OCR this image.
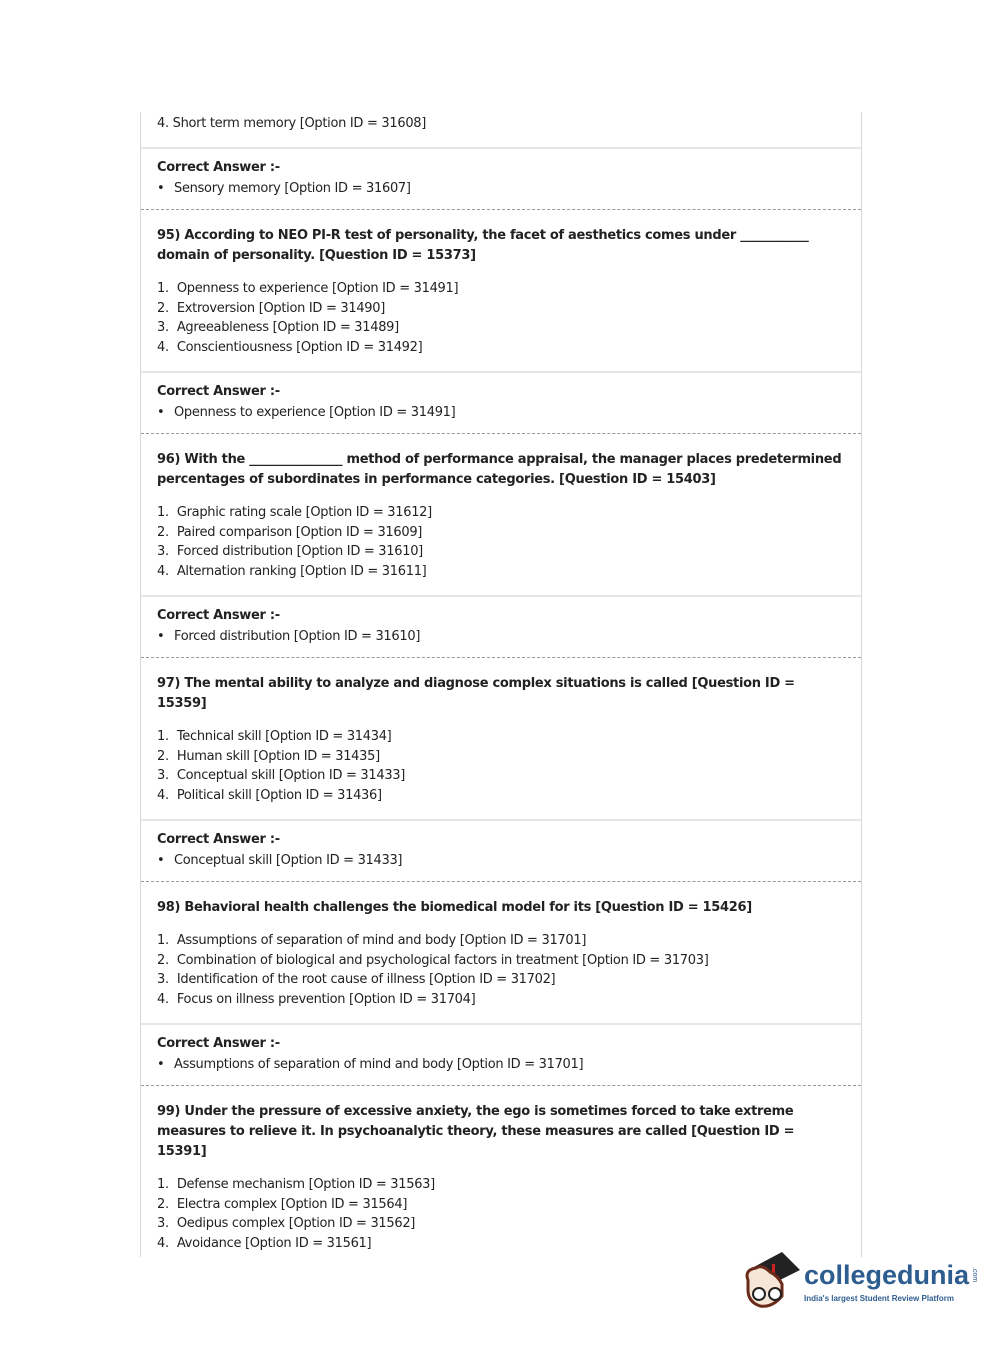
4. Short term memory [Option ID = 31608]
Correct Answer :-
• Sensory memory [Option ID = 31607]
95) According to NEO PI-R test of personality, the facet of aesthetics comes under ___________ domain of personality. [Question ID = 15373]
1. Openness to experience [Option ID = 31491]
2. Extroversion [Option ID = 31490]
3. Agreeableness [Option ID = 31489]
4. Conscientiousness [Option ID = 31492]
Correct Answer :-
• Openness to experience [Option ID = 31491]
96) With the _______________ method of performance appraisal, the manager places predetermined percentages of subordinates in performance categories. [Question ID = 15403]
1. Graphic rating scale [Option ID = 31612]
2. Paired comparison [Option ID = 31609]
3. Forced distribution [Option ID = 31610]
4. Alternation ranking [Option ID = 31611]
Correct Answer :-
• Forced distribution [Option ID = 31610]
97) The mental ability to analyze and diagnose complex situations is called [Question ID = 15359]
1. Technical skill [Option ID = 31434]
2. Human skill [Option ID = 31435]
3. Conceptual skill [Option ID = 31433]
4. Political skill [Option ID = 31436]
Correct Answer :-
• Conceptual skill [Option ID = 31433]
98) Behavioral health challenges the biomedical model for its [Question ID = 15426]
1. Assumptions of separation of mind and body [Option ID = 31701]
2. Combination of biological and psychological factors in treatment [Option ID = 31703]
3. Identification of the root cause of illness [Option ID = 31702]
4. Focus on illness prevention [Option ID = 31704]
Correct Answer :-
• Assumptions of separation of mind and body [Option ID = 31701]
99) Under the pressure of excessive anxiety, the ego is sometimes forced to take extreme measures to relieve it. In psychoanalytic theory, these measures are called [Question ID = 15391]
1. Defense mechanism [Option ID = 31563]
2. Electra complex [Option ID = 31564]
3. Oedipus complex [Option ID = 31562]
4. Avoidance [Option ID = 31561]
collegedunia .com
India's largest Student Review Platform
